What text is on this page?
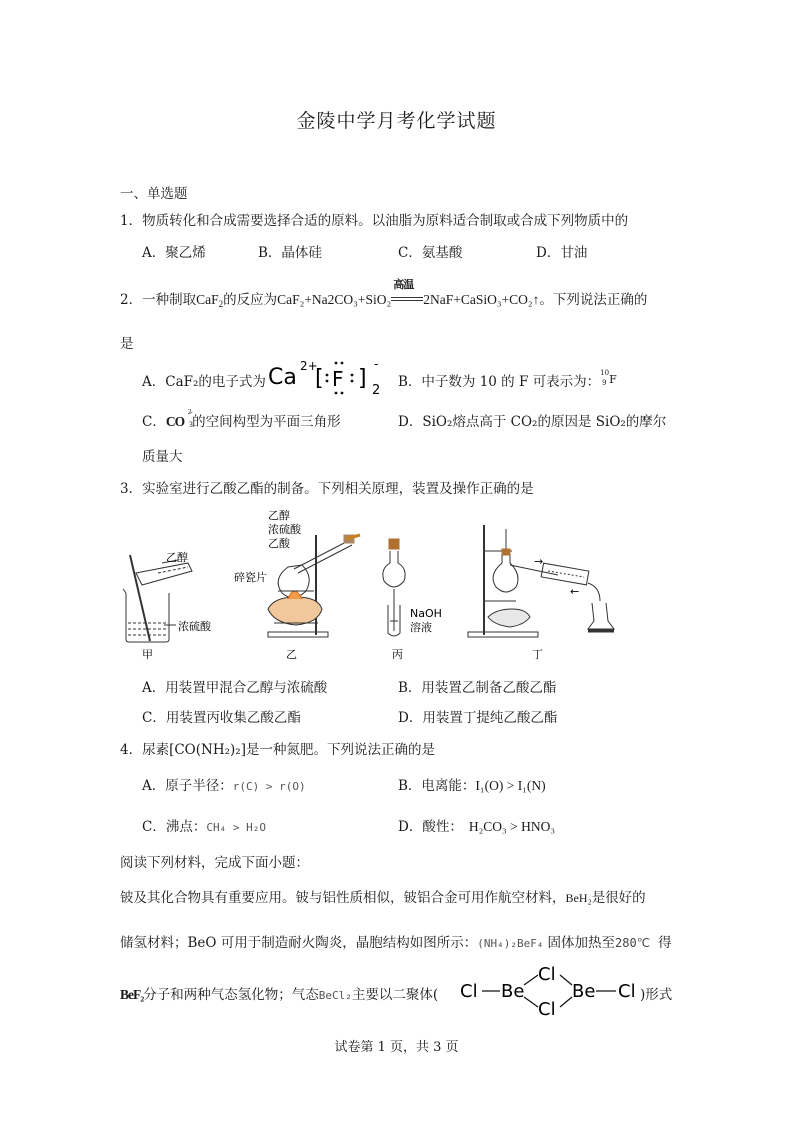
金陵中学月考化学试题
一、单选题
1．物质转化和合成需要选择合适的原料。以油脂为原料适合制取或合成下列物质中的
A．聚乙烯	B．晶体硅	C．氨基酸	D．甘油
2．一种制取CaF$_2$的反应为CaF₂+Na2CO₃+SiO₂
高温
2NaF+CaSiO₃+CO₂↑。下列说法正确的
是
A．CaF₂的电子式为 Ca 2+
[ F ]
-
2
B．中子数为 10 的 F 可表示为：
10
9 F
C．CO
2-
3 的空间构型为平面三角形	D．SiO₂熔点高于 CO₂的原因是 SiO₂的摩尔
质量大
3．实验室进行乙酸乙酯的制备。下列相关原理，装置及操作正确的是
乙醇
浓硫酸
甲
乙醇
浓硫酸
乙酸
碎瓷片
乙
NaOH
溶液
丙
→
←
丁
A．用装置甲混合乙醇与浓硫酸	B．用装置乙制备乙酸乙酯
C．用装置丙收集乙酸乙酯	D．用装置丁提纯乙酸乙酯
4．尿素[CO(NH₂)₂]是一种氮肥。下列说法正确的是
A．原子半径：r(C) > r(O)	B．电离能：I₁(O) > I₁(N)
C．沸点：CH₄ > H₂O	D．酸性： H₂CO₃ > HNO₃
阅读下列材料，完成下面小题：
铍及其化合物具有重要应用。铍与铝性质相似，铍铝合金可用作航空材料，BeH₂是很好的
储氢材料；BeO 可用于制造耐火陶炎，晶胞结构如图所示：(NH₄)₂BeF₄ 固体加热至280℃ 得
BeF₂分子和两种气态氢化物；气态BeCl₂主要以二聚体( Cl Be
Cl
Cl
Be Cl )形式
试卷第 1 页，共 3 页
